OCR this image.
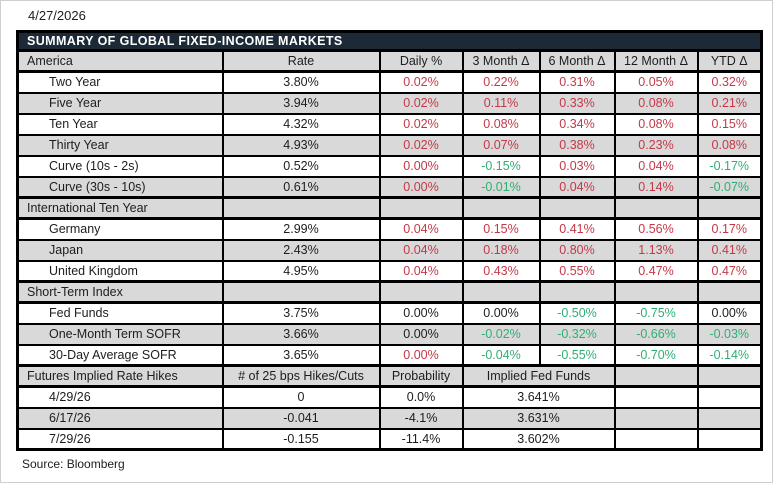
4/27/2026
SUMMARY OF GLOBAL FIXED-INCOME MARKETS						
America	Rate	Daily %	3 Month Δ	6 Month Δ	12 Month Δ	YTD Δ
Two Year	3.80%	0.02%	0.22%	0.31%	0.05%	0.32%
Five Year	3.94%	0.02%	0.11%	0.33%	0.08%	0.21%
Ten Year	4.32%	0.02%	0.08%	0.34%	0.08%	0.15%
Thirty Year	4.93%	0.02%	0.07%	0.38%	0.23%	0.08%
Curve (10s - 2s)	0.52%	0.00%	-0.15%	0.03%	0.04%	-0.17%
Curve (30s - 10s)	0.61%	0.00%	-0.01%	0.04%	0.14%	-0.07%
International Ten Year						
Germany	2.99%	0.04%	0.15%	0.41%	0.56%	0.17%
Japan	2.43%	0.04%	0.18%	0.80%	1.13%	0.41%
United Kingdom	4.95%	0.04%	0.43%	0.55%	0.47%	0.47%
Short-Term Index						
Fed Funds	3.75%	0.00%	0.00%	-0.50%	-0.75%	0.00%
One-Month Term SOFR	3.66%	0.00%	-0.02%	-0.32%	-0.66%	-0.03%
30-Day Average SOFR	3.65%	0.00%	-0.04%	-0.55%	-0.70%	-0.14%
Futures Implied Rate Hikes	# of 25 bps Hikes/Cuts	Probability	Implied Fed Funds			
4/29/26	0	0.0%	3.641%			
6/17/26	-0.041	-4.1%	3.631%			
7/29/26	-0.155	-11.4%	3.602%			
Source: Bloomberg
